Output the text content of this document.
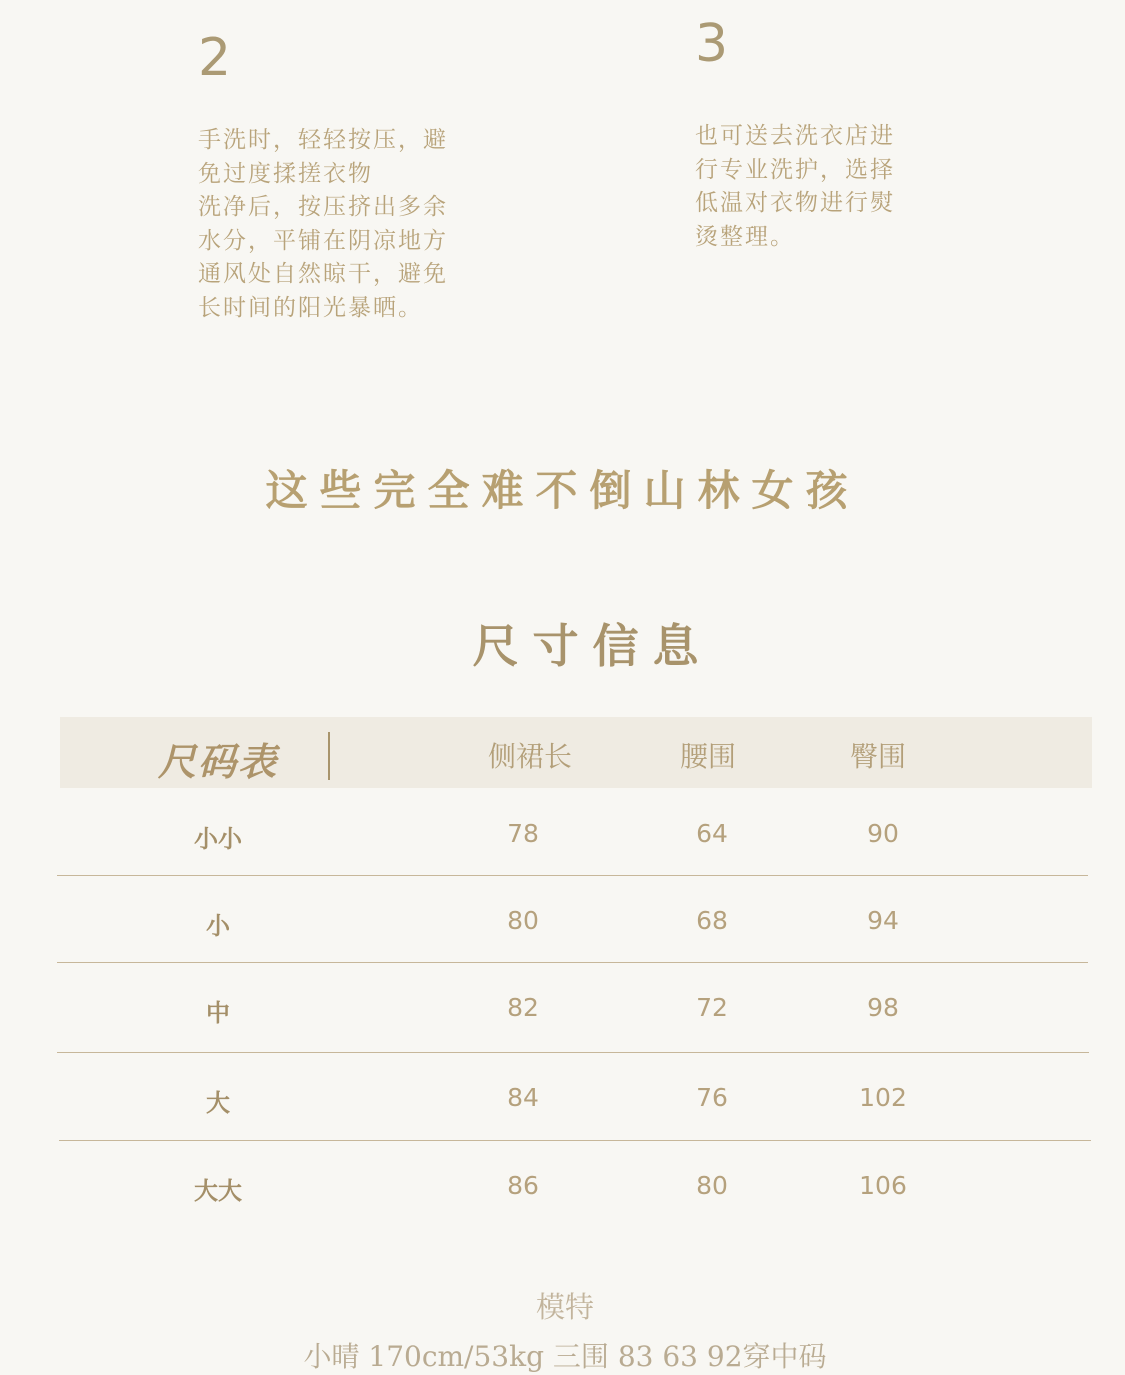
2
手洗时，轻轻按压，避
免过度揉搓衣物
洗净后，按压挤出多余
水分，平铺在阴凉地方
通风处自然晾干，避免
长时间的阳光暴晒。
3
也可送去洗衣店进
行专业洗护，选择
低温对衣物进行熨
烫整理。
这些完全难不倒山林女孩
尺寸信息
尺码表	侧裙长	腰围	臀围
小小	78	64	90
小	80	68	94
中	82	72	98
大	84	76	102
大大	86	80	106
模特
小晴 170cm/53kg 三围 83 63 92穿中码
